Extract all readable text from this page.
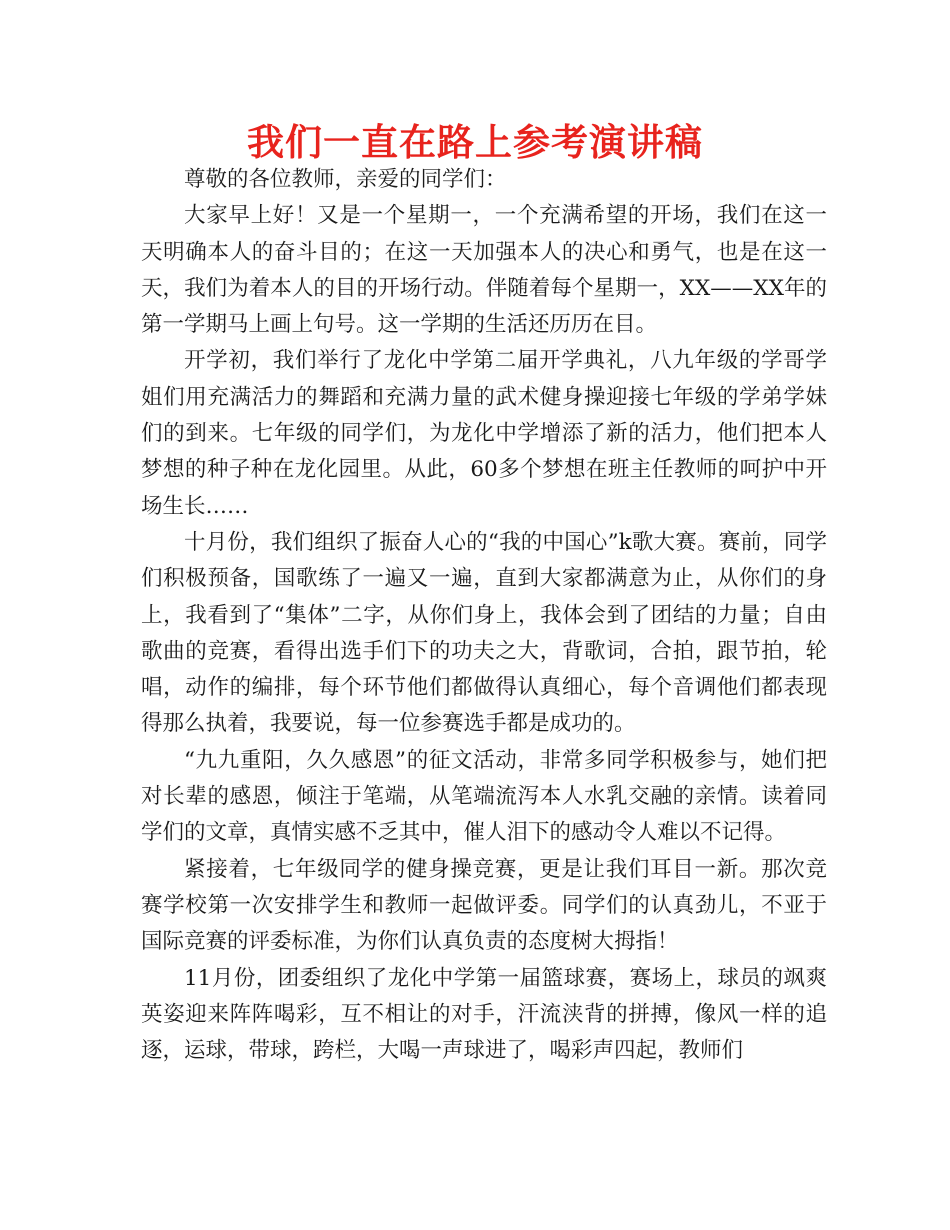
我们一直在路上参考演讲稿

尊敬的各位教师，亲爱的同学们：

大家早上好！又是一个星期一，一个充满希望的开场，我们在这一天明确本人的奋斗目的；在这一天加强本人的决心和勇气，也是在这一天，我们为着本人的目的开场行动。伴随着每个星期一，XX——XX年的第一学期马上画上句号。这一学期的生活还历历在目。

开学初，我们举行了龙化中学第二届开学典礼，八九年级的学哥学姐们用充满活力的舞蹈和充满力量的武术健身操迎接七年级的学弟学妹们的到来。七年级的同学们，为龙化中学增添了新的活力，他们把本人梦想的种子种在龙化园里。从此，60多个梦想在班主任教师的呵护中开场生长……

十月份，我们组织了振奋人心的“我的中国心”k歌大赛。赛前，同学们积极预备，国歌练了一遍又一遍，直到大家都满意为止，从你们的身上，我看到了“集体”二字，从你们身上，我体会到了团结的力量；自由歌曲的竞赛，看得出选手们下的功夫之大，背歌词，合拍，跟节拍，轮唱，动作的编排，每个环节他们都做得认真细心，每个音调他们都表现得那么执着，我要说，每一位参赛选手都是成功的。

“九九重阳，久久感恩”的征文活动，非常多同学积极参与，她们把对长辈的感恩，倾注于笔端，从笔端流泻本人水乳交融的亲情。读着同学们的文章，真情实感不乏其中，催人泪下的感动令人难以不记得。

紧接着，七年级同学的健身操竞赛，更是让我们耳目一新。那次竞赛学校第一次安排学生和教师一起做评委。同学们的认真劲儿，不亚于国际竞赛的评委标准，为你们认真负责的态度树大拇指！

11月份，团委组织了龙化中学第一届篮球赛，赛场上，球员的飒爽英姿迎来阵阵喝彩，互不相让的对手，汗流浃背的拼搏，像风一样的追逐，运球，带球，跨栏，大喝一声球进了，喝彩声四起，教师们
